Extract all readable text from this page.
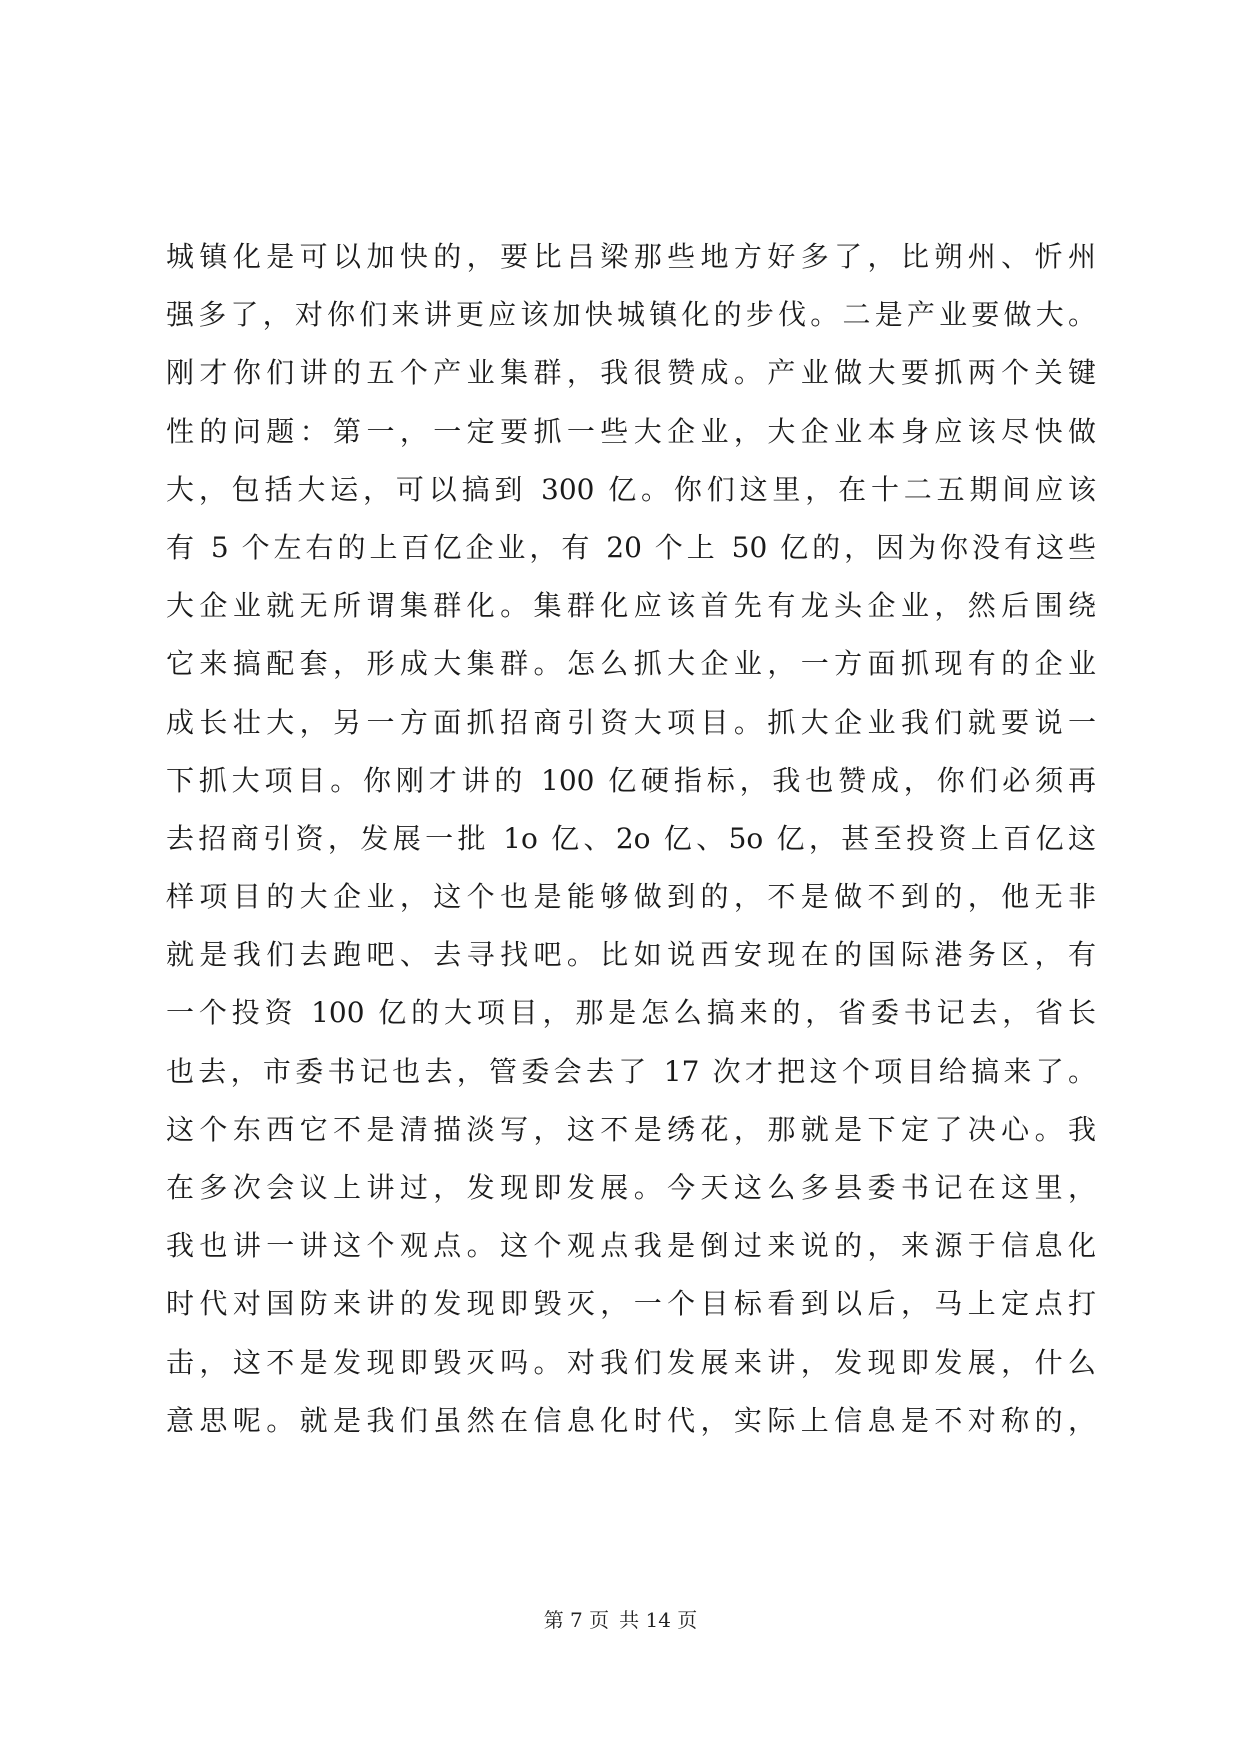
城镇化是可以加快的，要比吕梁那些地方好多了，比朔州、忻州
强多了，对你们来讲更应该加快城镇化的步伐。二是产业要做大。
刚才你们讲的五个产业集群，我很赞成。产业做大要抓两个关键
性的问题：第一，一定要抓一些大企业，大企业本身应该尽快做
大，包括大运，可以搞到 300 亿。你们这里，在十二五期间应该
有 5 个左右的上百亿企业，有 20 个上 50 亿的，因为你没有这些
大企业就无所谓集群化。集群化应该首先有龙头企业，然后围绕
它来搞配套，形成大集群。怎么抓大企业，一方面抓现有的企业
成长壮大，另一方面抓招商引资大项目。抓大企业我们就要说一
下抓大项目。你刚才讲的 100 亿硬指标，我也赞成，你们必须再
去招商引资，发展一批 1o 亿、2o 亿、5o 亿，甚至投资上百亿这
样项目的大企业，这个也是能够做到的，不是做不到的，他无非
就是我们去跑吧、去寻找吧。比如说西安现在的国际港务区，有
一个投资 100 亿的大项目，那是怎么搞来的，省委书记去，省长
也去，市委书记也去，管委会去了 17 次才把这个项目给搞来了。
这个东西它不是清描淡写，这不是绣花，那就是下定了决心。我
在多次会议上讲过，发现即发展。今天这么多县委书记在这里，
我也讲一讲这个观点。这个观点我是倒过来说的，来源于信息化
时代对国防来讲的发现即毁灭，一个目标看到以后，马上定点打
击，这不是发现即毁灭吗。对我们发展来讲，发现即发展，什么
意思呢。就是我们虽然在信息化时代，实际上信息是不对称的，
第 7 页 共 14 页
